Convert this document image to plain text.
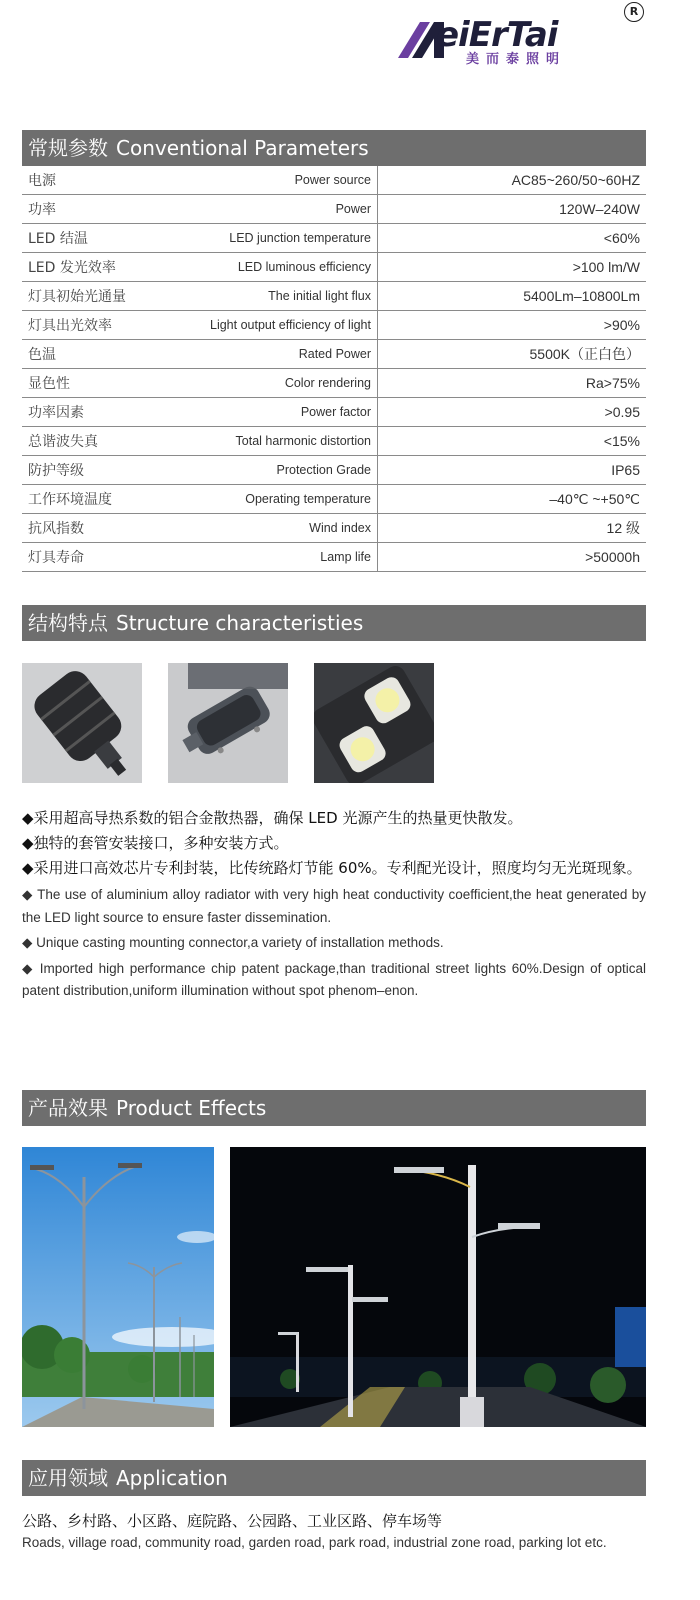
eiErTai
美而泰照明
R
常规参数 Conventional Parameters
电源	Power source	AC85~260/50~60HZ
功率	Power	120W–240W
LED 结温	LED junction temperature	<60%
LED 发光效率	LED luminous efficiency	>100 lm/W
灯具初始光通量	The initial light flux	5400Lm–10800Lm
灯具出光效率	Light output efficiency of light	>90%
色温	Rated Power	5500K（正白色）
显色性	Color rendering	Ra>75%
功率因素	Power factor	>0.95
总谐波失真	Total harmonic distortion	<15%
防护等级	Protection Grade	IP65
工作环境温度	Operating temperature	–40℃ ~+50℃
抗风指数	Wind index	12 级
灯具寿命	Lamp life	>50000h
结构特点 Structure characteristies
◆采用超高导热系数的铝合金散热器，确保 LED 光源产生的热量更快散发。
◆独特的套管安装接口，多种安装方式。
◆采用进口高效芯片专利封装，比传统路灯节能 60%。专利配光设计，照度均匀无光斑现象。
◆ The use of aluminium alloy radiator with very high heat conductivity coefficient,the heat generated by the LED light source to ensure faster dissemination.
◆ Unique casting mounting connector,a variety of installation methods.
◆ Imported high performance chip patent package,than traditional street lights 60%.Design of optical patent distribution,uniform illumination without spot phenom–enon.
产品效果 Product Effects
应用领域 Application
公路、乡村路、小区路、庭院路、公园路、工业区路、停车场等
Roads, village road, community road, garden road, park road, industrial zone road, parking lot etc.
